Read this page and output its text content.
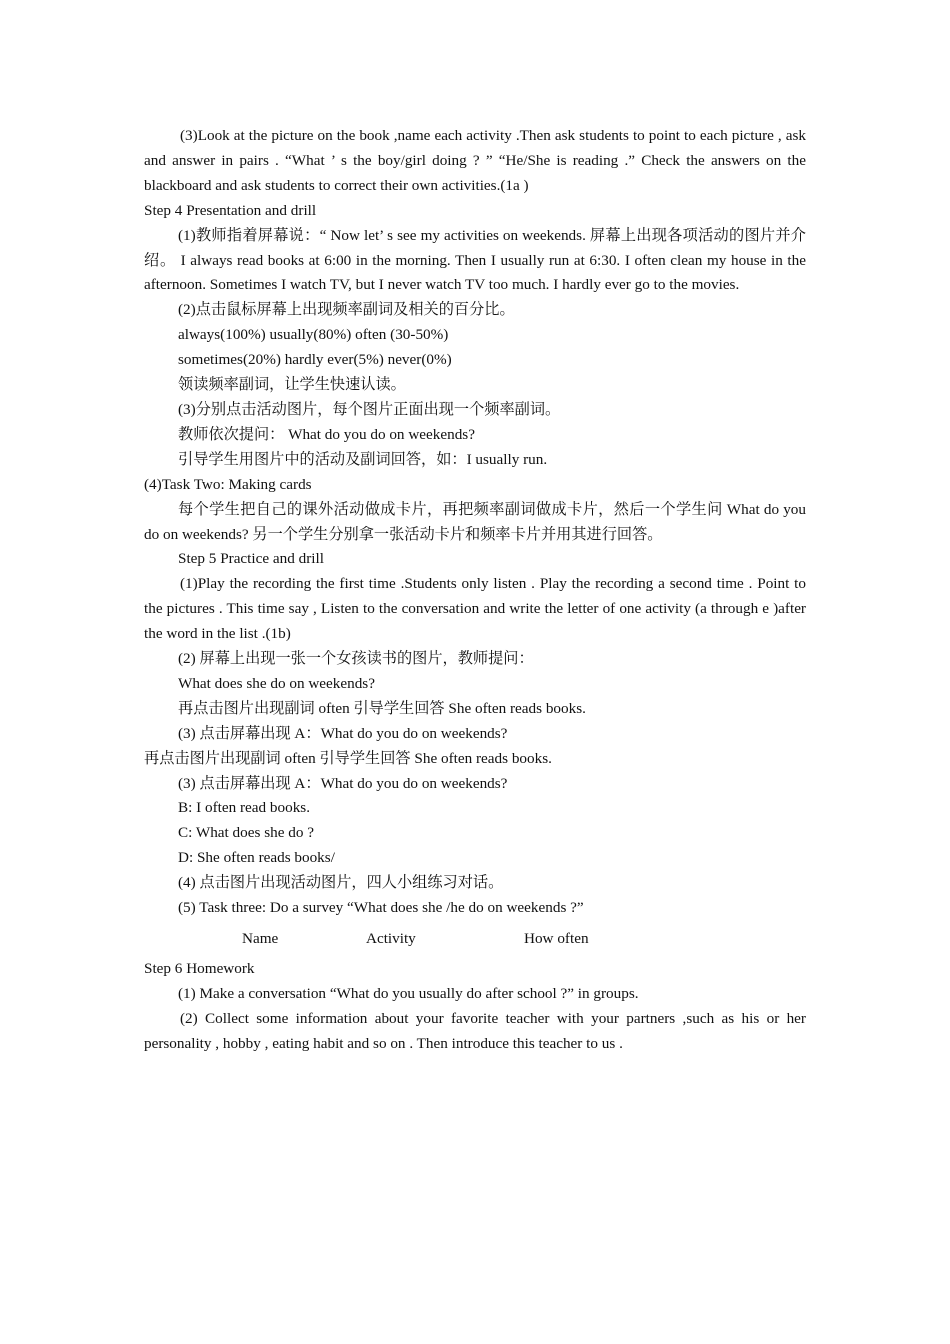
(3)Look at the picture on the book ,name each activity .Then ask students to point to each picture , ask and answer in pairs . “What ’ s the boy/girl doing ? ” “He/She is reading .” Check the answers on the blackboard and ask students to correct their own activities.(1a )

Step 4 Presentation and drill

(1)教师指着屏幕说：“ Now let’ s see my activities on weekends. 屏幕上出现各项活动的图片并介绍。 I always read books at 6:00 in the morning. Then I usually run at 6:30. I often clean my house in the afternoon. Sometimes I watch TV, but I never watch TV too much. I hardly ever go to the movies.

(2)点击鼠标屏幕上出现频率副词及相关的百分比。

always(100%) usually(80%) often (30-50%)

sometimes(20%) hardly ever(5%) never(0%)

领读频率副词，让学生快速认读。

(3)分别点击活动图片，每个图片正面出现一个频率副词。

教师依次提问： What do you do on weekends?

引导学生用图片中的活动及副词回答，如：I usually run.

(4)Task Two: Making cards

每个学生把自己的课外活动做成卡片，再把频率副词做成卡片，然后一个学生问 What do you do on weekends? 另一个学生分别拿一张活动卡片和频率卡片并用其进行回答。

Step 5 Practice and drill

(1)Play the recording the first time .Students only listen . Play the recording a second time . Point to the pictures . This time say , Listen to the conversation and write the letter of one activity (a through e )after the word in the list .(1b)

(2) 屏幕上出现一张一个女孩读书的图片，教师提问：

What does she do on weekends?

再点击图片出现副词 often 引导学生回答 She often reads books.

(3) 点击屏幕出现 A：What do you do on weekends?

再点击图片出现副词 often 引导学生回答 She often reads books.

(3) 点击屏幕出现 A：What do you do on weekends?

B: I often read books.

C: What does she do ?

D: She often reads books/

(4) 点击图片出现活动图片，四人小组练习对话。

(5) Task three: Do a survey “What does she /he do on weekends ?”

Name	Activity	How often

Step 6 Homework

(1) Make a conversation “What do you usually do after school ?” in groups.

(2) Collect some information about your favorite teacher with your partners ,such as his or her personality , hobby , eating habit and so on . Then introduce this teacher to us .
